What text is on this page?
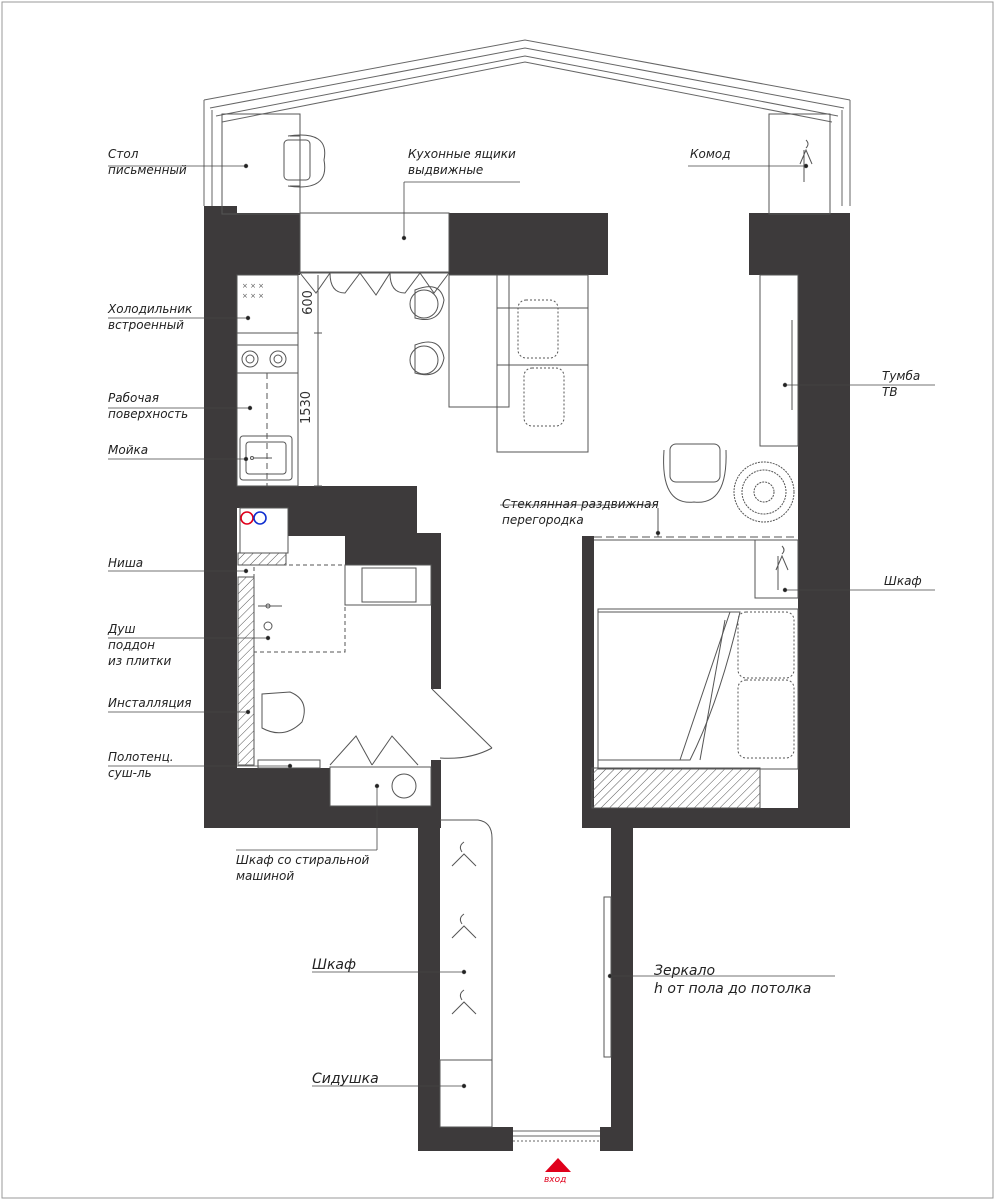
× × ×
× × ×
Стол
письменный
Кухонные ящики
выдвижные
Комод
Холодильник
встроенный
Рабочая
поверхность
Мойка
Тумба
ТВ
Стеклянная раздвижная
перегородка
Ниша
Шкаф
Душ
поддон
из плитки
Инсталляция
Полотенц.
суш-ль
Шкаф со стиральной
машиной
Шкаф	Зеркало
h от пола до потолка
Сидушка
600
1530
вход
